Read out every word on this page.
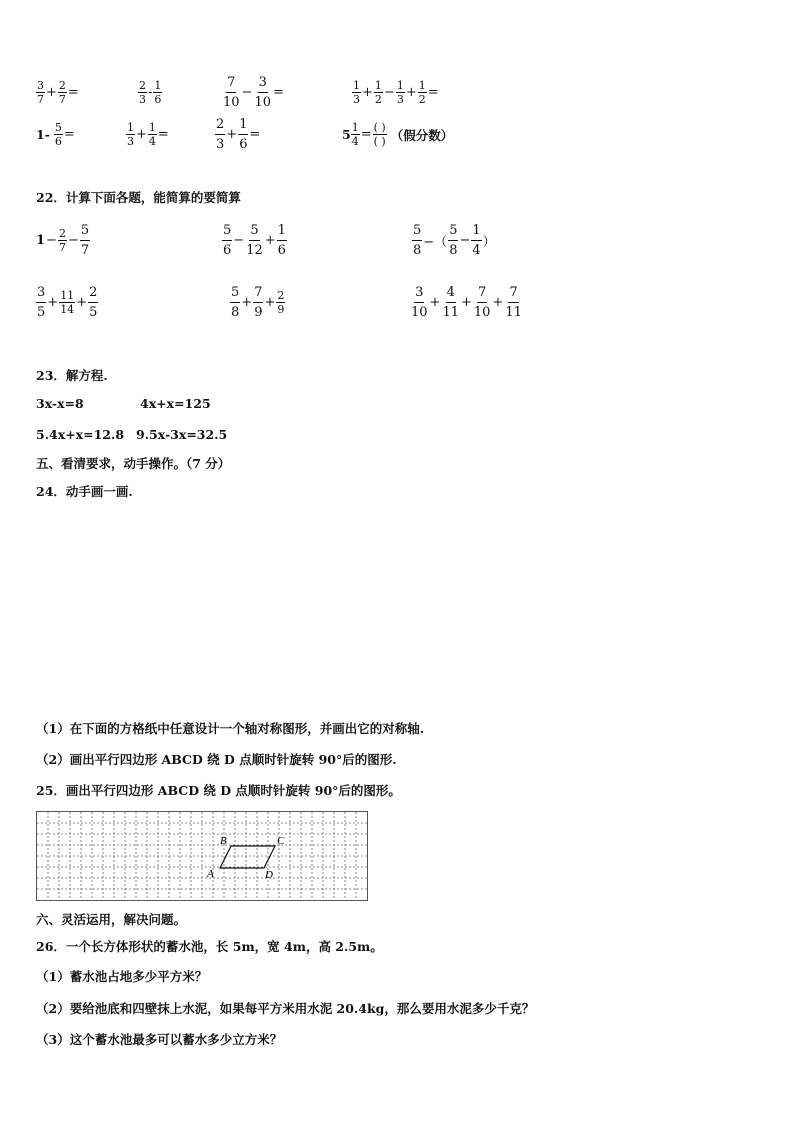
$\frac{3}{7} + \frac{2}{7}$ =	$\frac{2}{3} - \frac{1}{6}$	$\frac{7}{10} - \frac{3}{10}$ =	$\frac{1}{3} + \frac{1}{2} - \frac{1}{3} + \frac{1}{2}$ =
$1- \frac{5}{6}$ =	$\frac{1}{3} + \frac{1}{4}$ =	$\frac{2}{3} + \frac{1}{6}$ =	$5 \frac{1}{4} = \frac{( )}{( )}$ （假分数）
22．计算下面各题，能简算的要简算
$1 - \frac{2}{7} - \frac{5}{7}$	$\frac{5}{6} - \frac{5}{12} + \frac{1}{6}$	$\frac{5}{8}$ −（ $\frac{5}{8} - \frac{1}{4}$ ）
$\frac{3}{5} + \frac{11}{14} + \frac{2}{5}$	$\frac{5}{8} + \frac{7}{9} + \frac{2}{9}$	$\frac{3}{10} + \frac{4}{11} + \frac{7}{10} + \frac{7}{11}$
23．解方程.
3x-x=8	4x+x=125
5.4x+x=12.8 9.5x-3x=32.5
五、看清要求，动手操作。（7 分）
24．动手画一画.
（1）在下面的方格纸中任意设计一个轴对称图形，并画出它的对称轴.
（2）画出平行四边形 ABCD 绕 D 点顺时针旋转 90°后的图形.
25．画出平行四边形 ABCD 绕 D 点顺时针旋转 90°后的图形。
A
B	C
D
六、灵活运用，解决问题。
26．一个长方体形状的蓄水池，长 5m，宽 4m，高 2.5m。
（1）蓄水池占地多少平方米？
（2）要给池底和四壁抹上水泥，如果每平方米用水泥 20.4kg，那么要用水泥多少千克？
（3）这个蓄水池最多可以蓄水多少立方米？
